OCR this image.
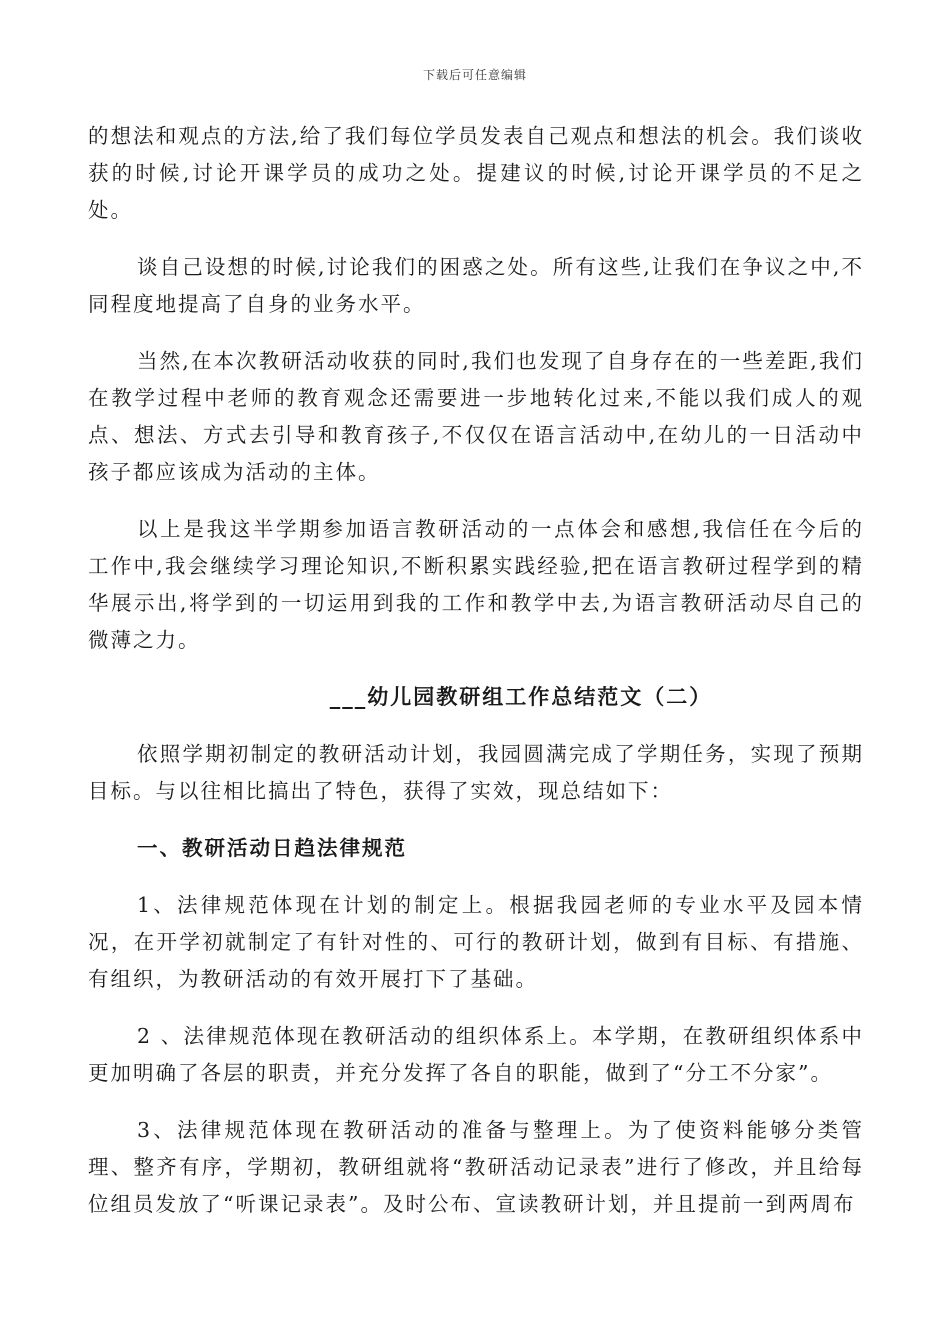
下载后可任意编辑

的想法和观点的方法,给了我们每位学员发表自己观点和想法的机会。我们谈收获的时候,讨论开课学员的成功之处。提建议的时候,讨论开课学员的不足之处。

谈自己设想的时候,讨论我们的困惑之处。所有这些,让我们在争议之中,不同程度地提高了自身的业务水平。

当然,在本次教研活动收获的同时,我们也发现了自身存在的一些差距,我们在教学过程中老师的教育观念还需要进一步地转化过来,不能以我们成人的观点、想法、方式去引导和教育孩子,不仅仅在语言活动中,在幼儿的一日活动中孩子都应该成为活动的主体。

以上是我这半学期参加语言教研活动的一点体会和感想,我信任在今后的工作中,我会继续学习理论知识,不断积累实践经验,把在语言教研过程学到的精华展示出,将学到的一切运用到我的工作和教学中去,为语言教研活动尽自己的微薄之力。

___幼儿园教研组工作总结范文（二）

依照学期初制定的教研活动计划，我园圆满完成了学期任务，实现了预期目标。与以往相比搞出了特色，获得了实效，现总结如下：

一、教研活动日趋法律规范

1、法律规范体现在计划的制定上。根据我园老师的专业水平及园本情况，在开学初就制定了有针对性的、可行的教研计划，做到有目标、有措施、有组织，为教研活动的有效开展打下了基础。

2 、法律规范体现在教研活动的组织体系上。本学期，在教研组织体系中更加明确了各层的职责，并充分发挥了各自的职能，做到了“分工不分家”。

3、法律规范体现在教研活动的准备与整理上。为了使资料能够分类管理、整齐有序，学期初，教研组就将“教研活动记录表”进行了修改，并且给每位组员发放了“听课记录表”。及时公布、宣读教研计划，并且提前一到两周布
